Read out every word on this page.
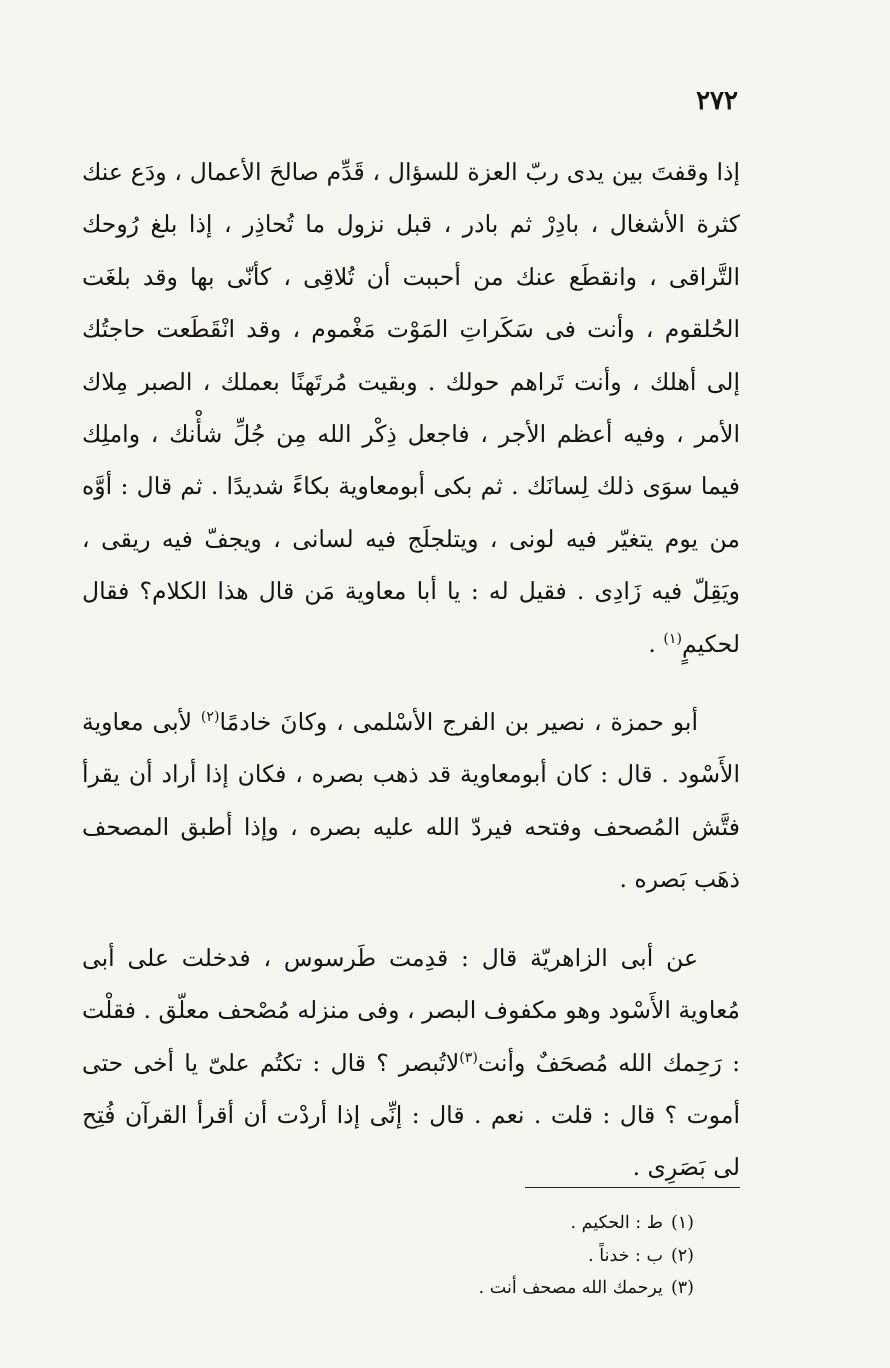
٢٧٢

إذا وقفتَ بين يدى ربّ العزة للسؤال ، قَدِّم صالحَ الأعمال ، ودَع عنك كثرة الأشغال ، بادِرْ ثم بادر ، قبل نزول ما تُحاذِر ، إذا بلغ رُوحك التَّراقى ، وانقطَع عنك من أحببت أن تُلاقِى ، كأنّى بها وقد بلغَت الحُلقوم ، وأنت فى سَكَراتِ المَوْت مَغْموم ، وقد انْقَطَعت حاجتُك إلى أهلك ، وأنت تَراهم حولك . وبقيت مُرتَهنًا بعملك ، الصبر مِلاك الأمر ، وفيه أعظم الأجر ، فاجعل ذِكْر الله مِن جُلِّ شأْنك ، واملِك فيما سوَى ذلك لِسانَك . ثم بكى أبومعاوية بكاءً شديدًا . ثم قال : أوَّه من يوم يتغيّر فيه لونى ، ويتلجلَج فيه لسانى ، ويجفّ فيه ريقى ، ويَقِلّ فيه زَادِى . فقيل له : يا أبا معاوية مَن قال هذا الكلام؟ فقال لحكيمٍ$^{(١)}$ .

أبو حمزة ، نصير بن الفرج الأسْلمى ، وكانَ خادمًا$^{(٢)}$ لأبى معاوية الأَسْود . قال : كان أبومعاوية قد ذهب بصره ، فكان إذا أراد أن يقرأ فتَّش المُصحف وفتحه فيردّ الله عليه بصره ، وإذا أطبق المصحف ذهَب بَصره .

عن أبى الزاهريّة قال : قدِمت طَرسوس ، فدخلت على أبى مُعاوية الأَسْود وهو مكفوف البصر ، وفى منزله مُصْحف معلّق . فقلْت : رَحِمك الله مُصحَفٌ وأنت$^{(٣)}$لاتُبصر ؟ قال : تكتُم علىّ يا أخى حتى أموت ؟ قال : قلت . نعم . قال : إنِّى إذا أردْت أن أقرأ القرآن فُتِح لى بَصَرِى .

(١)ط : الحكيم .
(٢)ب : خدناً .
(٣)يرحمك الله مصحف أنت .
